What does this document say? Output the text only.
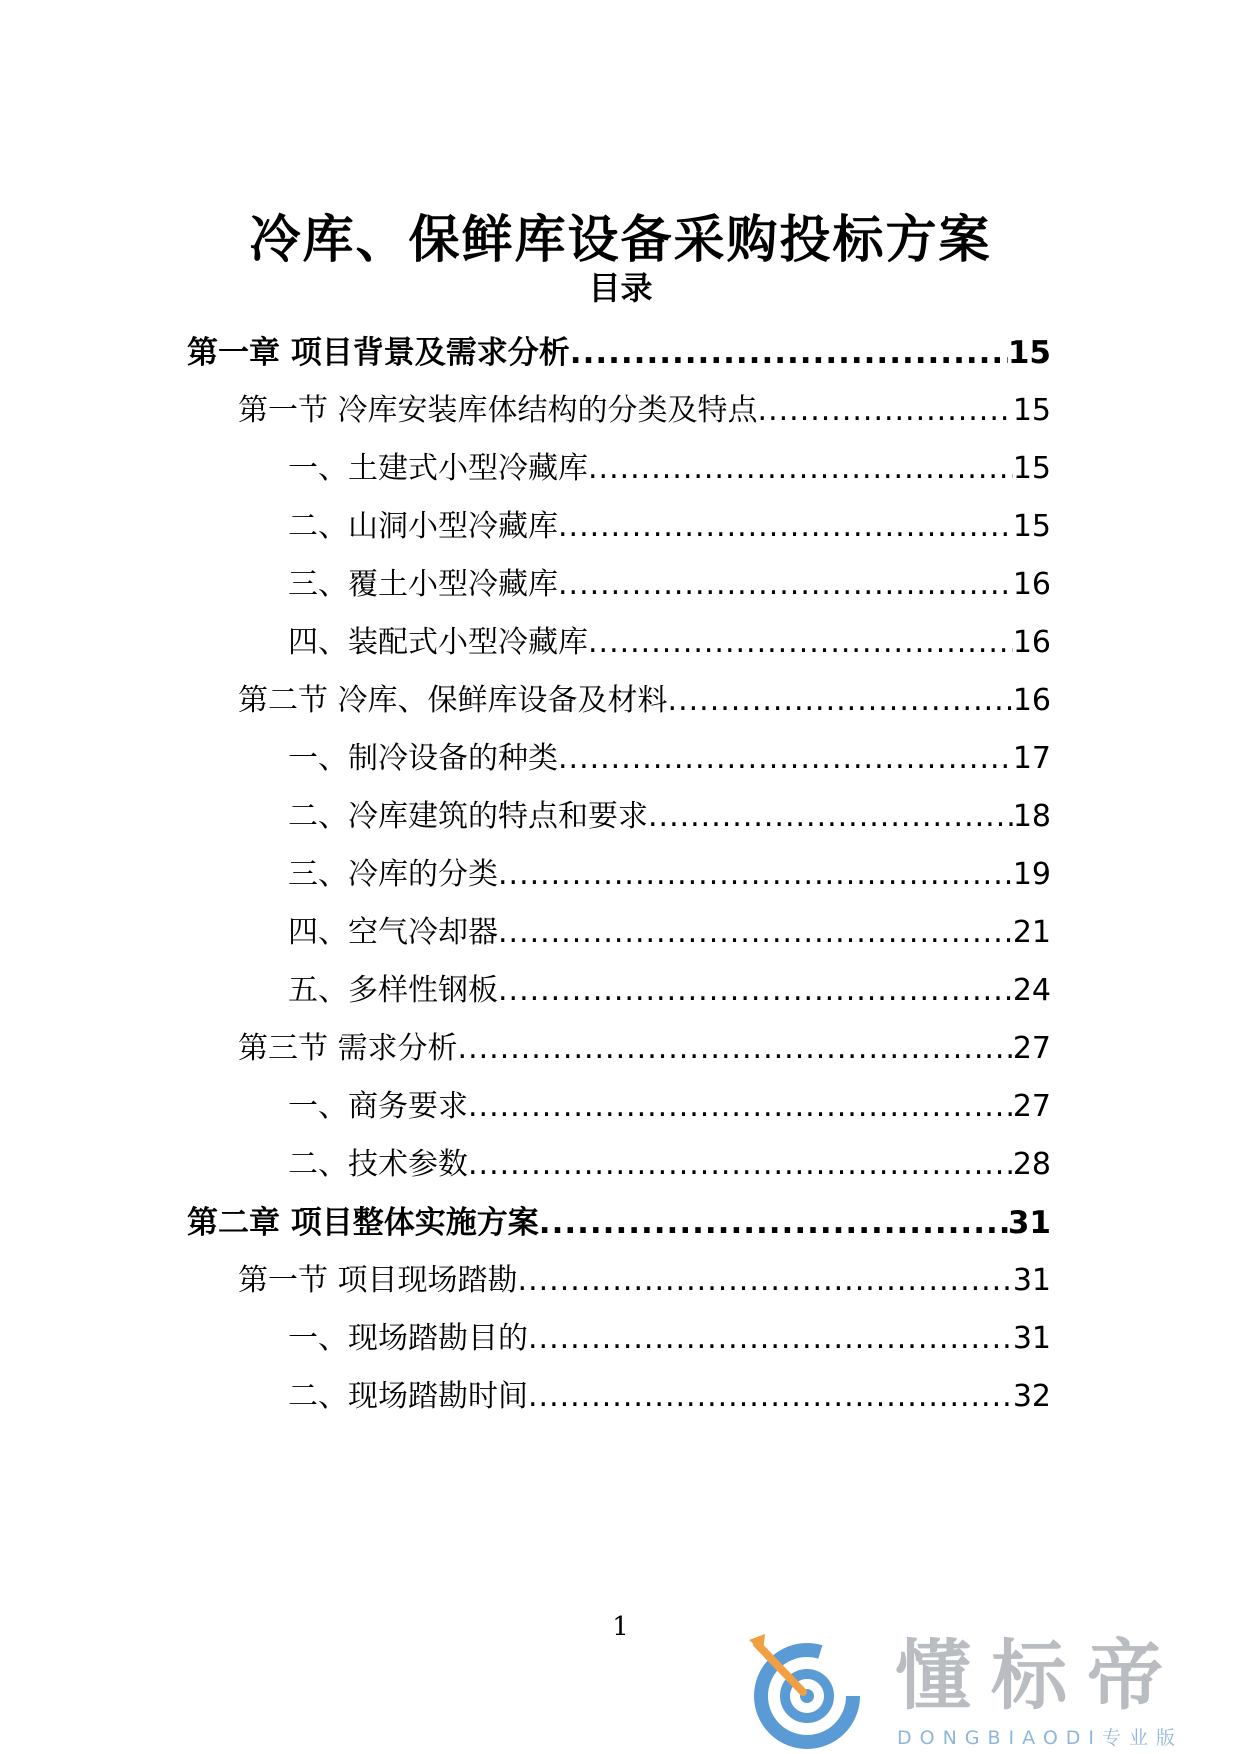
冷库、保鲜库设备采购投标方案
目录
第一章 项目背景及需求分析 .....	15
第一节 冷库安装库体结构的分类及特点 .....	15
一、土建式小型冷藏库 .....	15
二、山洞小型冷藏库 .....	15
三、覆土小型冷藏库 .....	16
四、装配式小型冷藏库 .....	16
第二节 冷库、保鲜库设备及材料 .....	16
一、制冷设备的种类 .....	17
二、冷库建筑的特点和要求 .....	18
三、冷库的分类 .....	19
四、空气冷却器 .....	21
五、多样性钢板 .....	24
第三节 需求分析 .....	27
一、商务要求 .....	27
二、技术参数 .....	28
第二章 项目整体实施方案 .....	31
第一节 项目现场踏勘 .....	31
一、现场踏勘目的 .....	31
二、现场踏勘时间 .....	32
1
懂标帝
DONGBIAODI专业版
